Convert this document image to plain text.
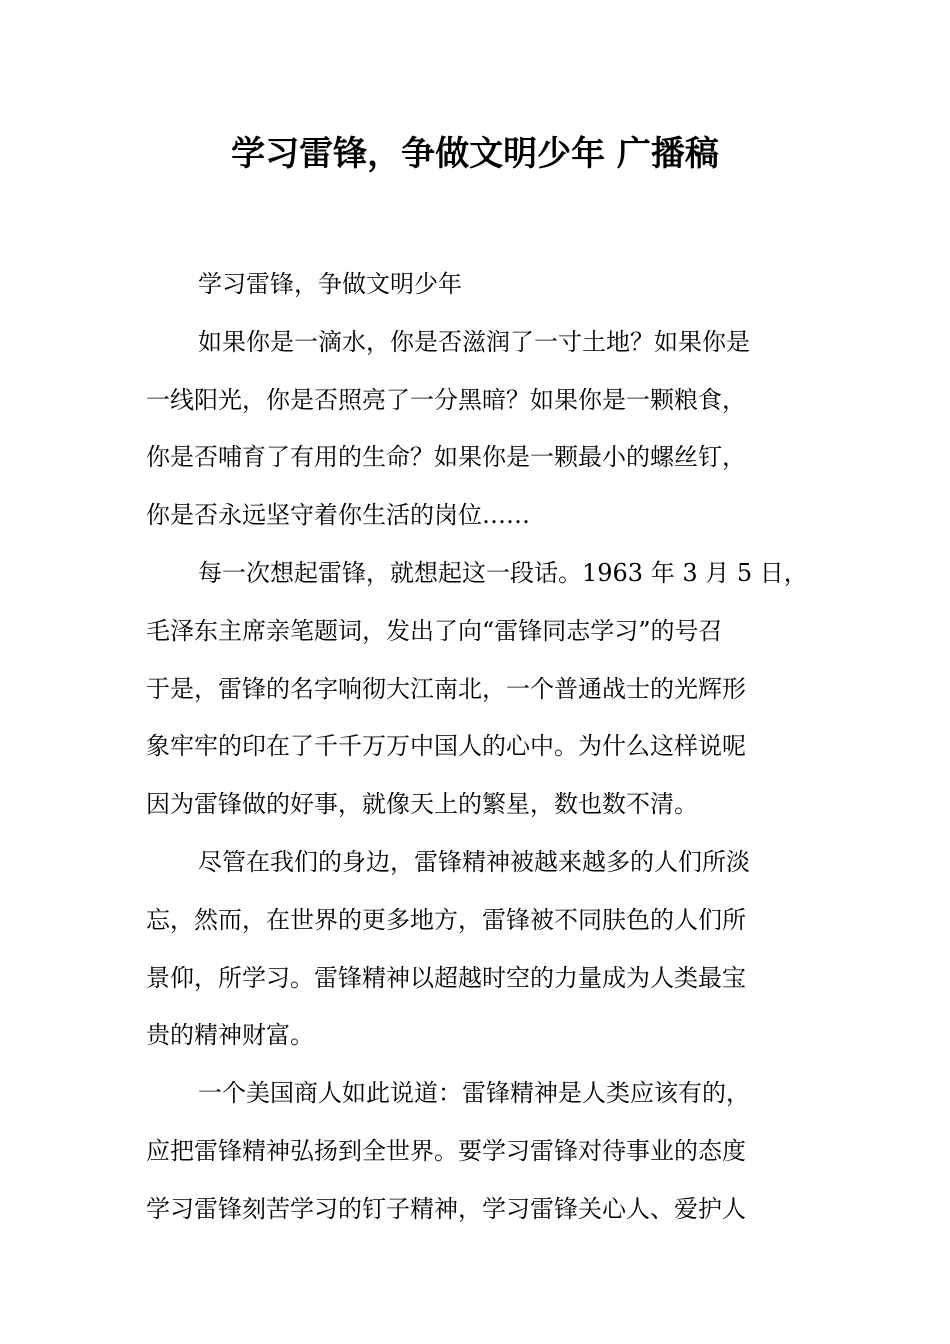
学习雷锋，争做文明少年 广播稿
学习雷锋，争做文明少年
如果你是一滴水，你是否滋润了一寸土地？如果你是
一线阳光，你是否照亮了一分黑暗？如果你是一颗粮食，
你是否哺育了有用的生命？如果你是一颗最小的螺丝钉，
你是否永远坚守着你生活的岗位……
每一次想起雷锋，就想起这一段话。1963 年 3 月 5 日，
毛泽东主席亲笔题词，发出了向“雷锋同志学习”的号召
于是，雷锋的名字响彻大江南北，一个普通战士的光辉形
象牢牢的印在了千千万万中国人的心中。为什么这样说呢
因为雷锋做的好事，就像天上的繁星，数也数不清。
尽管在我们的身边，雷锋精神被越来越多的人们所淡
忘，然而，在世界的更多地方，雷锋被不同肤色的人们所
景仰，所学习。雷锋精神以超越时空的力量成为人类最宝
贵的精神财富。
一个美国商人如此说道：雷锋精神是人类应该有的，
应把雷锋精神弘扬到全世界。要学习雷锋对待事业的态度
学习雷锋刻苦学习的钉子精神，学习雷锋关心人、爱护人
